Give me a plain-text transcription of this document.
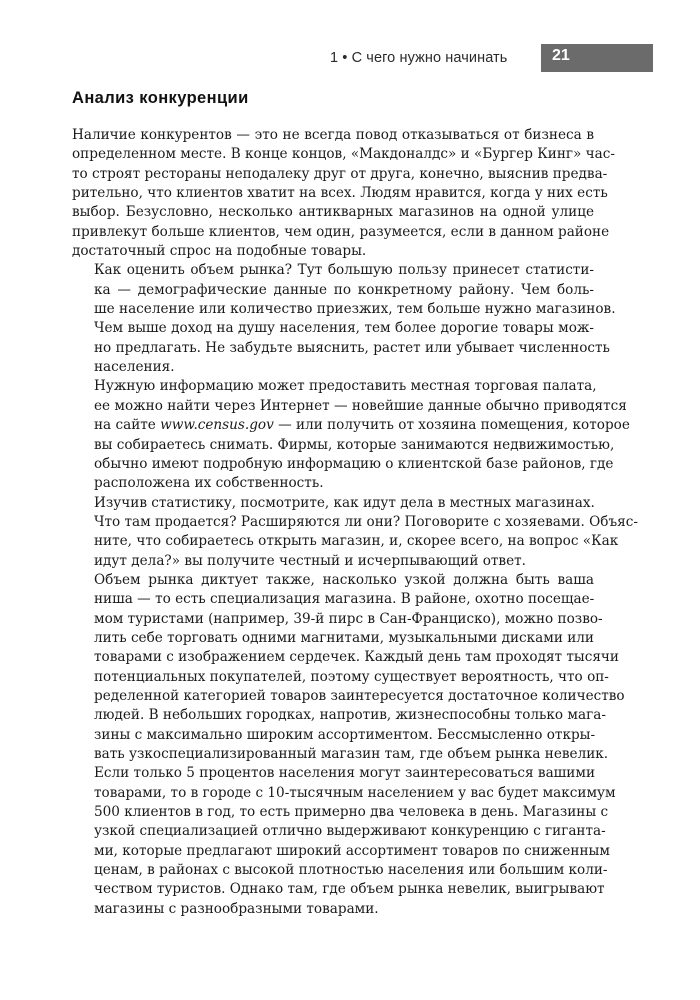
1 • С чего нужно начинать	21
Анализ конкуренции

Наличие конкурентов — это не всегда повод отказываться от бизнеса в
определенном месте. В конце концов, «Макдоналдс» и «Бургер Кинг» час-
то строят рестораны неподалеку друг от друга, конечно, выяснив предва-
рительно, что клиентов хватит на всех. Людям нравится, когда у них есть
выбор. Безусловно, несколько антикварных магазинов на одной улице
привлекут больше клиентов, чем один, разумеется, если в данном районе
достаточный спрос на подобные товары.

Как оценить объем рынка? Тут большую пользу принесет статисти-
ка — демографические данные по конкретному району. Чем боль-
ше население или количество приезжих, тем больше нужно магазинов.
Чем выше доход на душу населения, тем более дорогие товары мож-
но предлагать. Не забудьте выяснить, растет или убывает численность
населения.

Нужную информацию может предоставить местная торговая палата,
ее можно найти через Интернет — новейшие данные обычно приводятся
на сайте www.census.gov — или получить от хозяина помещения, которое
вы собираетесь снимать. Фирмы, которые занимаются недвижимостью,
обычно имеют подробную информацию о клиентской базе районов, где
расположена их собственность.

Изучив статистику, посмотрите, как идут дела в местных магазинах.
Что там продается? Расширяются ли они? Поговорите с хозяевами. Объяс-
ните, что собираетесь открыть магазин, и, скорее всего, на вопрос «Как
идут дела?» вы получите честный и исчерпывающий ответ.

Объем рынка диктует также, насколько узкой должна быть ваша
ниша — то есть специализация магазина. В районе, охотно посещае-
мом туристами (например, 39-й пирс в Сан-Франциско), можно позво-
лить себе торговать одними магнитами, музыкальными дисками или
товарами с изображением сердечек. Каждый день там проходят тысячи
потенциальных покупателей, поэтому существует вероятность, что оп-
ределенной категорией товаров заинтересуется достаточное количество
людей. В небольших городках, напротив, жизнеспособны только мага-
зины с максимально широким ассортиментом. Бессмысленно откры-
вать узкоспециализированный магазин там, где объем рынка невелик.
Если только 5 процентов населения могут заинтересоваться вашими
товарами, то в городе с 10-тысячным населением у вас будет максимум
500 клиентов в год, то есть примерно два человека в день. Магазины с
узкой специализацией отлично выдерживают конкуренцию с гиганта-
ми, которые предлагают широкий ассортимент товаров по сниженным
ценам, в районах с высокой плотностью населения или большим коли-
чеством туристов. Однако там, где объем рынка невелик, выигрывают
магазины с разнообразными товарами.
